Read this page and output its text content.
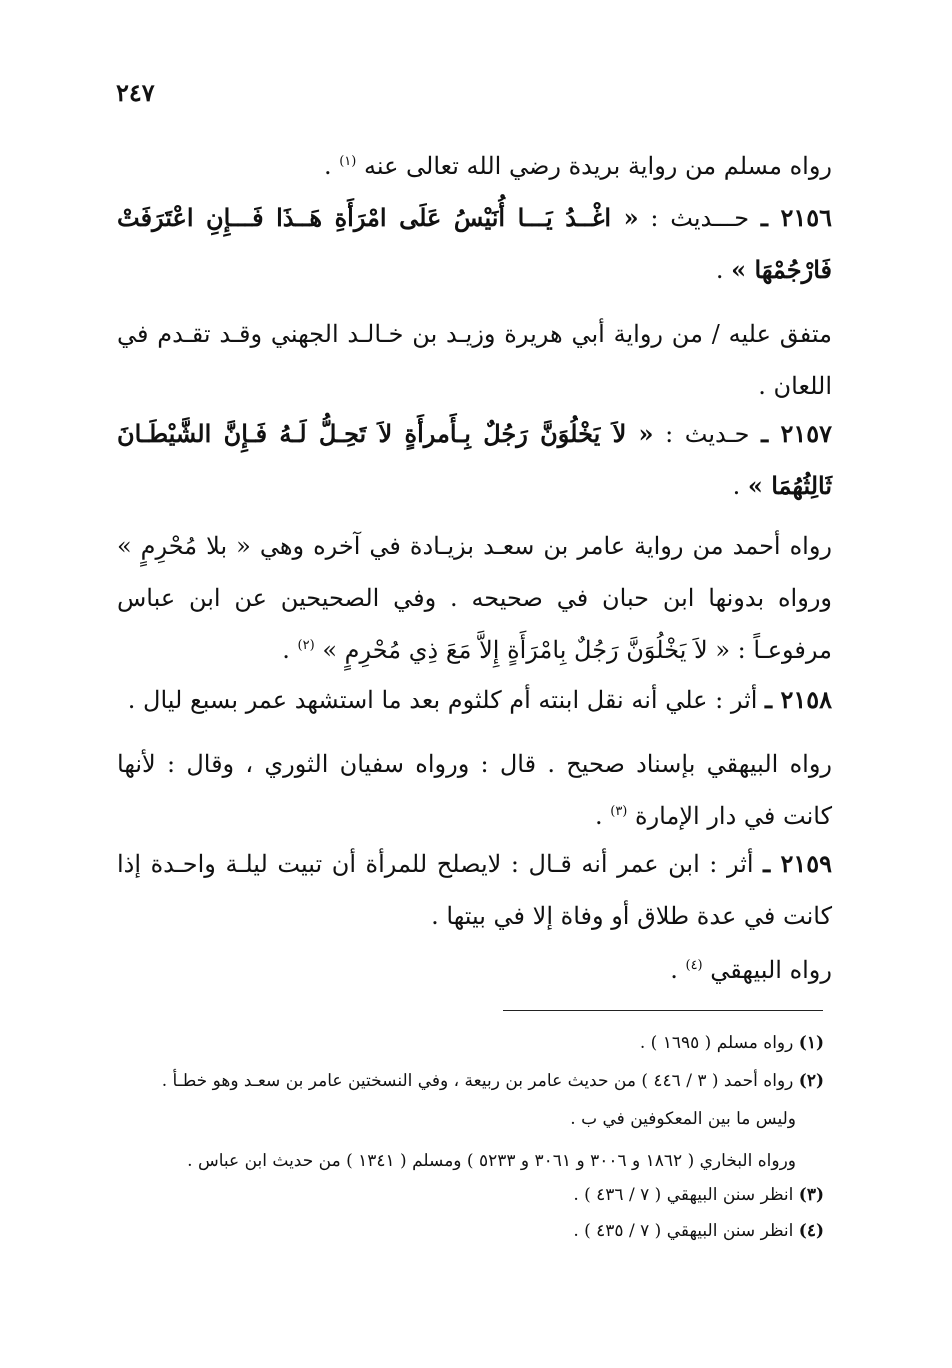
٢٤٧
رواه مسلم من رواية بريدة رضي الله تعالى عنه $^{(١)}$ .
٢١٥٦ ـ حـــديث : « اغْــدُ يَـــا أُنَيْسُ عَلَى امْرَأَةِ هَــذَا فَـــإِنِ اعْتَرَفَتْ فَارْجُمْهَا » .
متفق عليه / من رواية أبي هريرة وزيـد بن خـالـد الجهني وقـد تقـدم في اللعان .
٢١٥٧ ـ حـديث : « لاَ يَخْلُوَنَّ رَجُلٌ بِـأَمرأَةٍ لاَ تَحِـلُّ لَـهُ فَـإِنَّ الشَّيْطَـانَ ثَالِثُهُمَا » .
رواه أحمد من رواية عامر بن سعـد بزيـادة في آخره وهي « بلا مُحْرِمٍ » ورواه بدونها ابن حبان في صحيحه . وفي الصحيحين عن ابن عباس مرفوعـاً : « لاَ يَخْلُوَنَّ رَجُلٌ بِامْرَأَةٍ إِلاَّ مَعَ ذِي مُحْرِمٍ » $^{(٢)}$ .
٢١٥٨ ـ أثر : علي أنه نقل ابنته أم كلثوم بعد ما استشهد عمر بسبع ليال .
رواه البيهقي بإسناد صحيح . قال : ورواه سفيان الثوري ، وقال : لأنها كانت في دار الإمارة $^{(٣)}$ .
٢١٥٩ ـ أثر : ابن عمر أنه قـال : لايصلح للمرأة أن تبيت ليلـة واحـدة إذا كانت في عدة طلاق أو وفاة إلا في بيتها .
رواه البيهقي $^{(٤)}$ .
(١) رواه مسلم ( ١٦٩٥ ) .
(٢) رواه أحمد ( ٣ / ٤٤٦ ) من حديث عامر بن ربيعة ، وفي النسختين عامر بن سعـد وهو خطـأ .
وليس ما بين المعكوفين في ب .
ورواه البخاري ( ١٨٦٢ و ٣٠٠٦ و ٣٠٦١ و ٥٢٣٣ ) ومسلم ( ١٣٤١ ) من حديث ابن عباس .
(٣) انظر سنن البيهقي ( ٧ / ٤٣٦ ) .
(٤) انظر سنن البيهقي ( ٧ / ٤٣٥ ) .
